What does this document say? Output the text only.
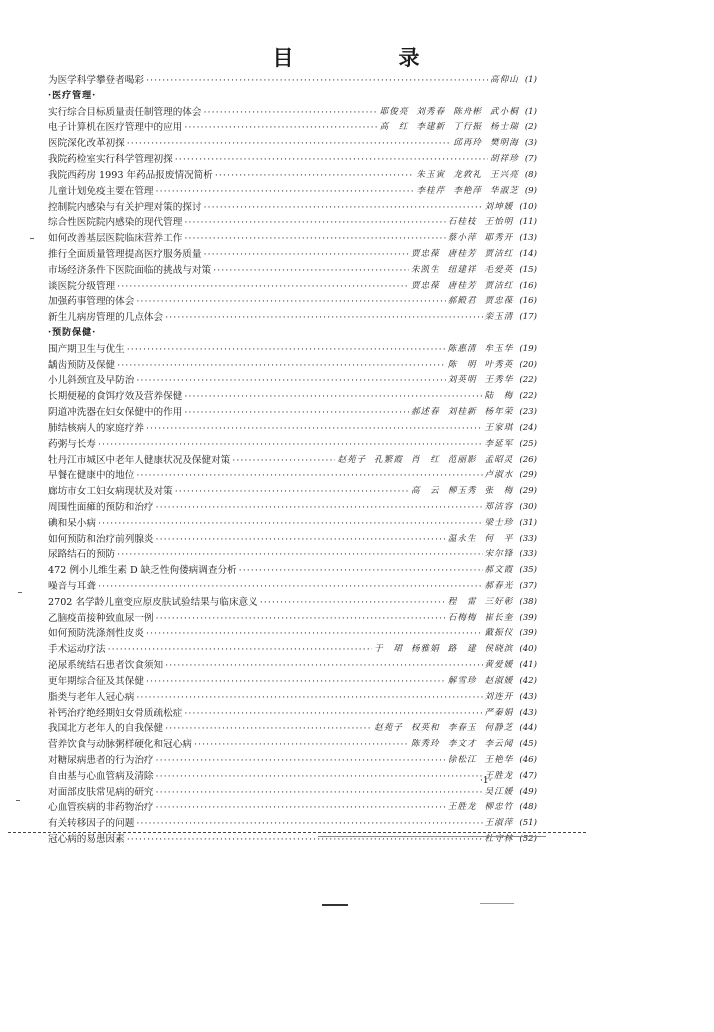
目　录
为医学科学攀登者喝彩 ·····	高仰山 (1)
·医疗管理·
实行综合目标质量责任制管理的体会 ·····	耶俊亮 刘秀春 陈舟彬 武小桐 (1)
电子计算机在医疗管理中的应用 ·····	高　红 李建新 丁行振 杨士瑞 (2)
医院深化改革初探 ·····	邱再玲 樊明海 (3)
我院药检室实行科学管理初探 ·····	胡祥珍 (7)
我院西药房 1993 年药品报废情况简析 ·····	朱玉寅 龙敦礼 王兴亮 (8)
儿童计划免疫主要在管理 ·····	李桂芹 李艳萍 华淑芝 (9)
控制院内感染与有关护理对策的探讨 ·····	刘坤媛 (10)
综合性医院院内感染的现代管理 ·····	石桂枝 王怡明 (11)
如何改善基层医院临床营养工作 ·····	蔡小萍 耶秀开 (13)
推行全面质量管理提高医疗服务质量 ·····	贾忠葆 唐桂芳 贾洁红 (14)
市场经济条件下医院面临的挑战与对策 ·····	朱凯生 纽建祥 毛爱英 (15)
谈医院分级管理 ·····	贾忠葆 唐桂芳 贾洁红 (16)
加强药事管理的体会 ·····	郝殿君 贾忠葆 (16)
新生儿病房管理的几点体会 ·····	栾玉清 (17)
·预防保健·
围产期卫生与优生 ·····	陈惠清 牟玉华 (19)
龋齿预防及保健 ·····	陈　明 叶秀英 (20)
小儿斜颈宜及早防治 ·····	刘英明 王秀华 (22)
长期便秘的食饵疗效及营养保健 ·····	陆　梅 (22)
阴道冲洗器在妇女保健中的作用 ·····	郝述春 刘桂新 杨年荣 (23)
肺结核病人的家庭疗养 ·····	王家琪 (24)
药粥与长寿 ·····	李延军 (25)
牡丹江市城区中老年人健康状况及保健对策 ·····	赵苑子 孔繁霞 肖　红 范丽影 孟昭灵 (26)
早餐在健康中的地位 ·····	卢淑水 (29)
廊坊市女工妇女病现状及对策 ·····	高　云 柳玉秀 张　梅 (29)
周围性面瘫的预防和治疗 ·····	郑洁容 (30)
碘和呆小病 ·····	梁士珍 (31)
如何预防和治疗前列腺炎 ·····	温永生 何　平 (33)
尿路结石的预防 ·····	宋尔锋 (33)
472 例小儿维生素 D 缺乏性佝偻病调查分析 ·····	郝文霞 (35)
噪音与耳聋 ·····	郝春光 (37)
2702 名学龄儿童变应原皮肤试验结果与临床意义 ·····	程　雷 三好彰 (38)
乙脑疫苗接种致血尿一例 ·····	石梅梅 崔长奎 (39)
如何预防洗涤剂性皮炎 ·····	戴振仪 (39)
手术运动疗法 ·····	于　珺 杨雅娟 路　建 侯晓滨 (40)
泌尿系统结石患者饮食须知 ·····	黄爱媛 (41)
更年期综合征及其保健 ·····	解雪珍 赵淑媛 (42)
脂类与老年人冠心病 ·····	刘连开 (43)
补钙治疗绝经期妇女骨质疏松症 ·····	严秦娟 (43)
我国北方老年人的自我保健 ·····	赵苑子 权英和 李春玉 何静芝 (44)
营养饮食与动脉粥样硬化和冠心病 ·····	陈秀玲 李文才 李云闻 (45)
对糖尿病患者的行为治疗 ·····	徐松江 王艳华 (46)
自由基与心血管病及清除 ·····	王胜龙 (47)
对面部皮肤常见病的研究 ·····	吴江媛 (49)
心血管疾病的非药物治疗 ·····	王胜龙 柳忠竹 (48)
有关转移因子的问题 ·····	王淑萍 (51)
冠心病的易患因素 ·····	杜守林 (52)
·1·
